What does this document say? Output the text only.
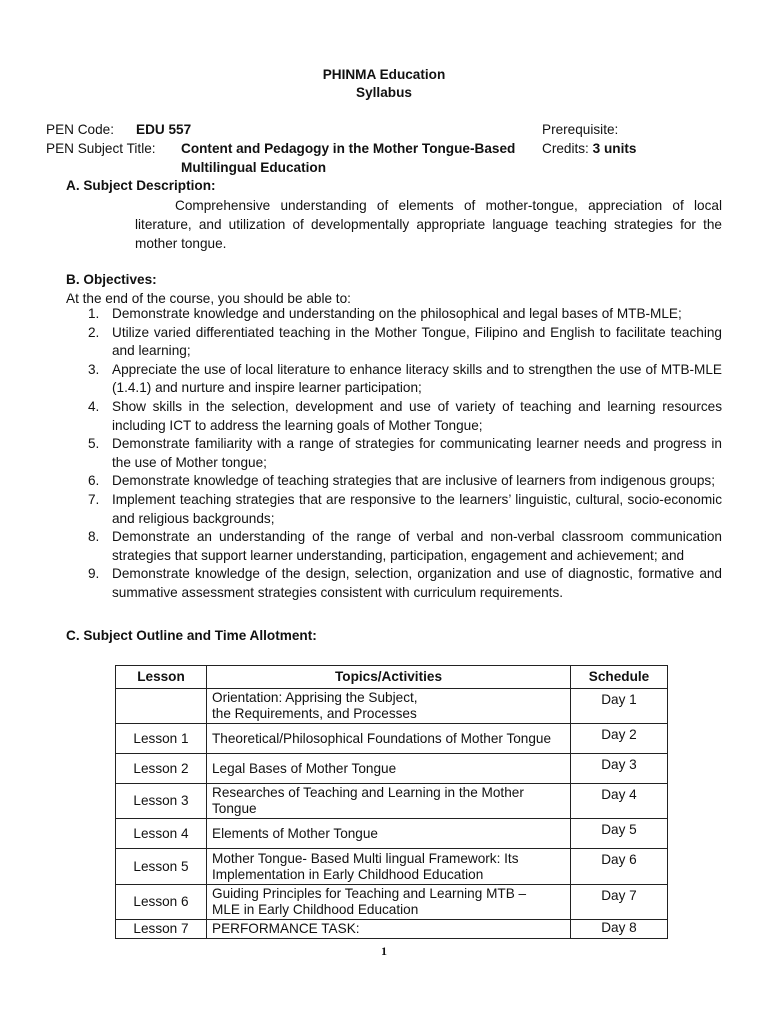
PHINMA Education
Syllabus
PEN Code: EDU 557	Prerequisite:
PEN Subject Title: Content and Pedagogy in the Mother Tongue-Based
Multilingual Education
Credits: 3 units
A. Subject Description:
Comprehensive understanding of elements of mother-tongue, appreciation of local literature, and utilization of developmentally appropriate language teaching strategies for the mother tongue.
B. Objectives:
At the end of the course, you should be able to:
1. Demonstrate knowledge and understanding on the philosophical and legal bases of MTB-MLE;
2. Utilize varied differentiated teaching in the Mother Tongue, Filipino and English to facilitate teaching and learning;
3. Appreciate the use of local literature to enhance literacy skills and to strengthen the use of MTB-MLE (1.4.1) and nurture and inspire learner participation;
4. Show skills in the selection, development and use of variety of teaching and learning resources including ICT to address the learning goals of Mother Tongue;
5. Demonstrate familiarity with a range of strategies for communicating learner needs and progress in the use of Mother tongue;
6. Demonstrate knowledge of teaching strategies that are inclusive of learners from indigenous groups;
7. Implement teaching strategies that are responsive to the learners’ linguistic, cultural, socio-economic and religious backgrounds;
8. Demonstrate an understanding of the range of verbal and non-verbal classroom communication strategies that support learner understanding, participation, engagement and achievement; and
9. Demonstrate knowledge of the design, selection, organization and use of diagnostic, formative and summative assessment strategies consistent with curriculum requirements.
C. Subject Outline and Time Allotment:
Lesson	Topics/Activities	Schedule

	Orientation: Apprising the Subject,
the Requirements, and Processes	Day 1
Lesson 1	Theoretical/Philosophical Foundations of Mother Tongue	Day 2
Lesson 2	Legal Bases of Mother Tongue	Day 3
Lesson 3	Researches of Teaching and Learning in the Mother
Tongue	Day 4
Lesson 4	Elements of Mother Tongue	Day 5
Lesson 5	Mother Tongue- Based Multi lingual Framework: Its
Implementation in Early Childhood Education	Day 6
Lesson 6	Guiding Principles for Teaching and Learning MTB –
MLE in Early Childhood Education	Day 7
Lesson 7	PERFORMANCE TASK:	Day 8
1
